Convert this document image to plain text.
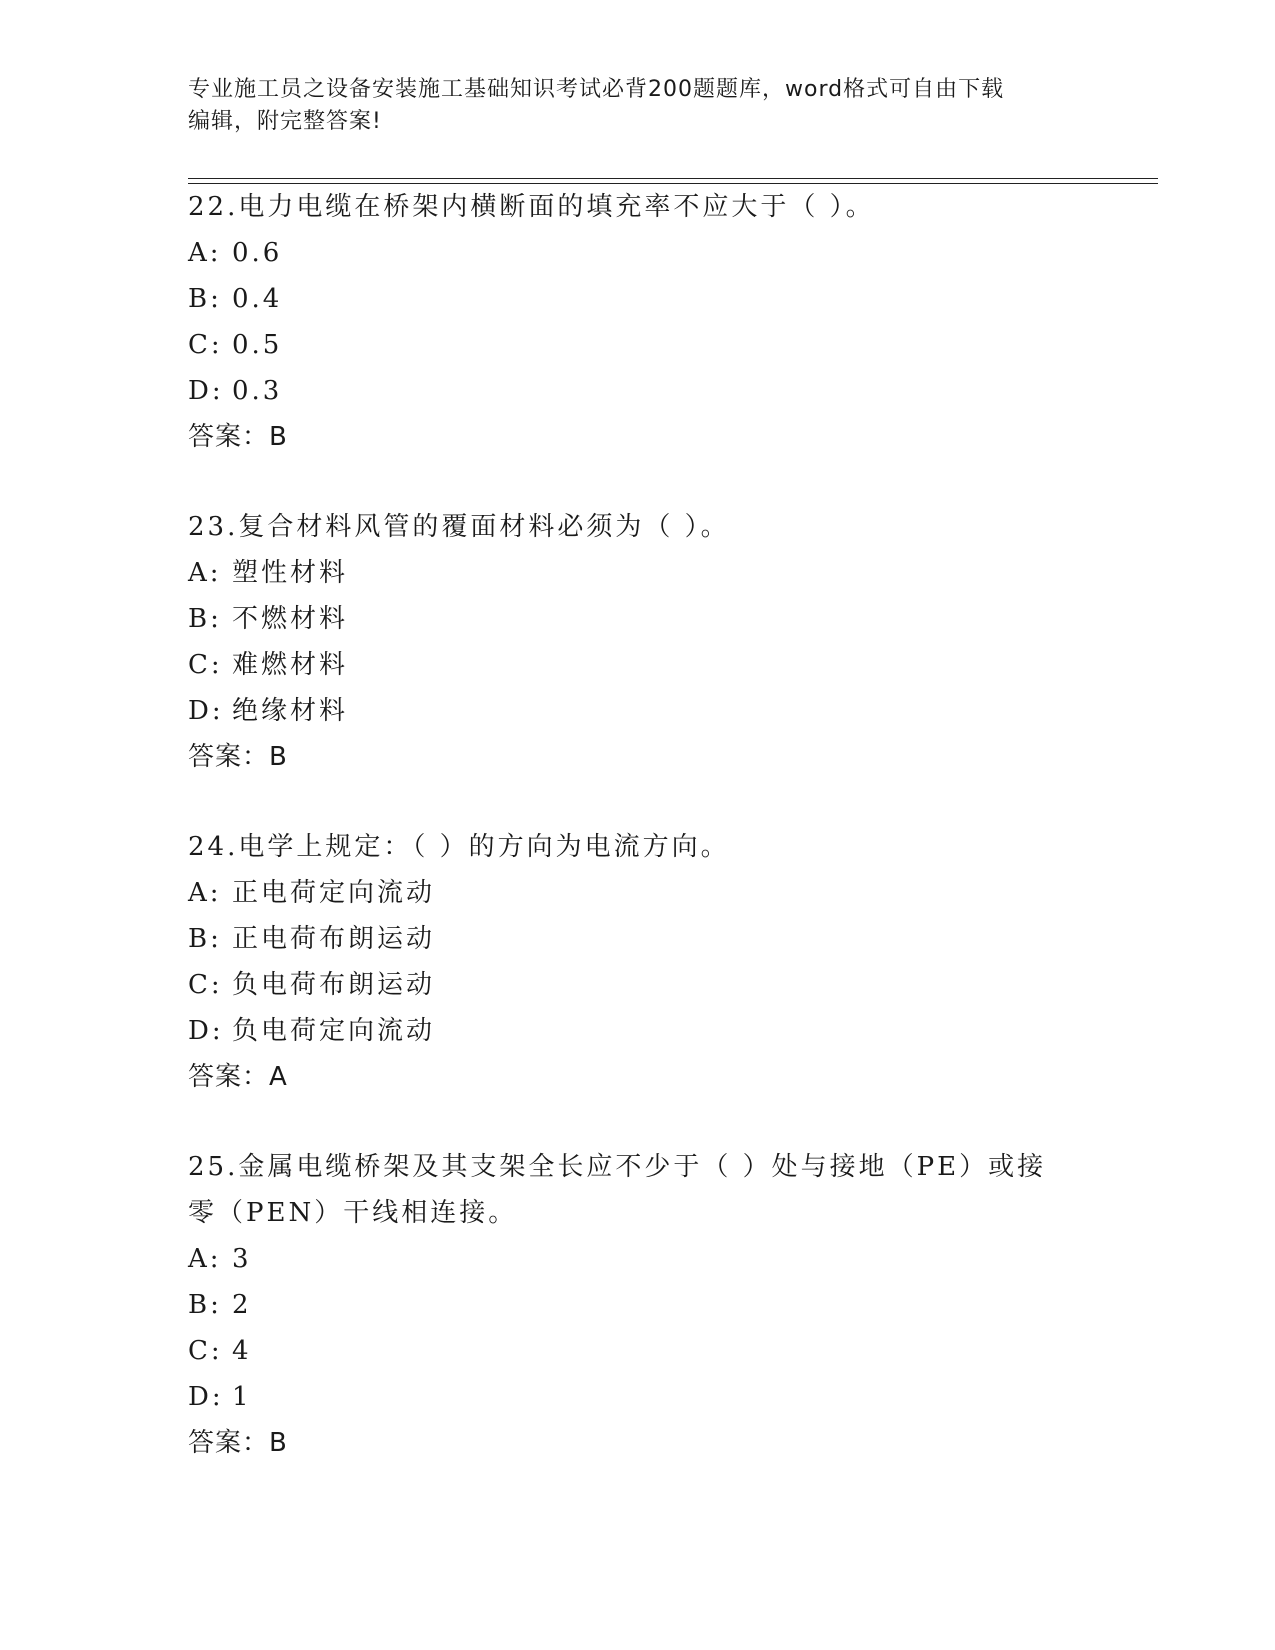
专业施工员之设备安装施工基础知识考试必背200题题库，word格式可自由下载
编辑，附完整答案!
22.电力电缆在桥架内横断面的填充率不应大于（ ）。
A: 0.6
B: 0.4
C: 0.5
D: 0.3
答案：B
23.复合材料风管的覆面材料必须为（ ）。
A: 塑性材料
B: 不燃材料
C: 难燃材料
D: 绝缘材料
答案：B
24.电学上规定：（ ）的方向为电流方向。
A: 正电荷定向流动
B: 正电荷布朗运动
C: 负电荷布朗运动
D: 负电荷定向流动
答案：A
25.金属电缆桥架及其支架全长应不少于（ ）处与接地（PE）或接零（PEN）干线相连接。
A: 3
B: 2
C: 4
D: 1
答案：B
